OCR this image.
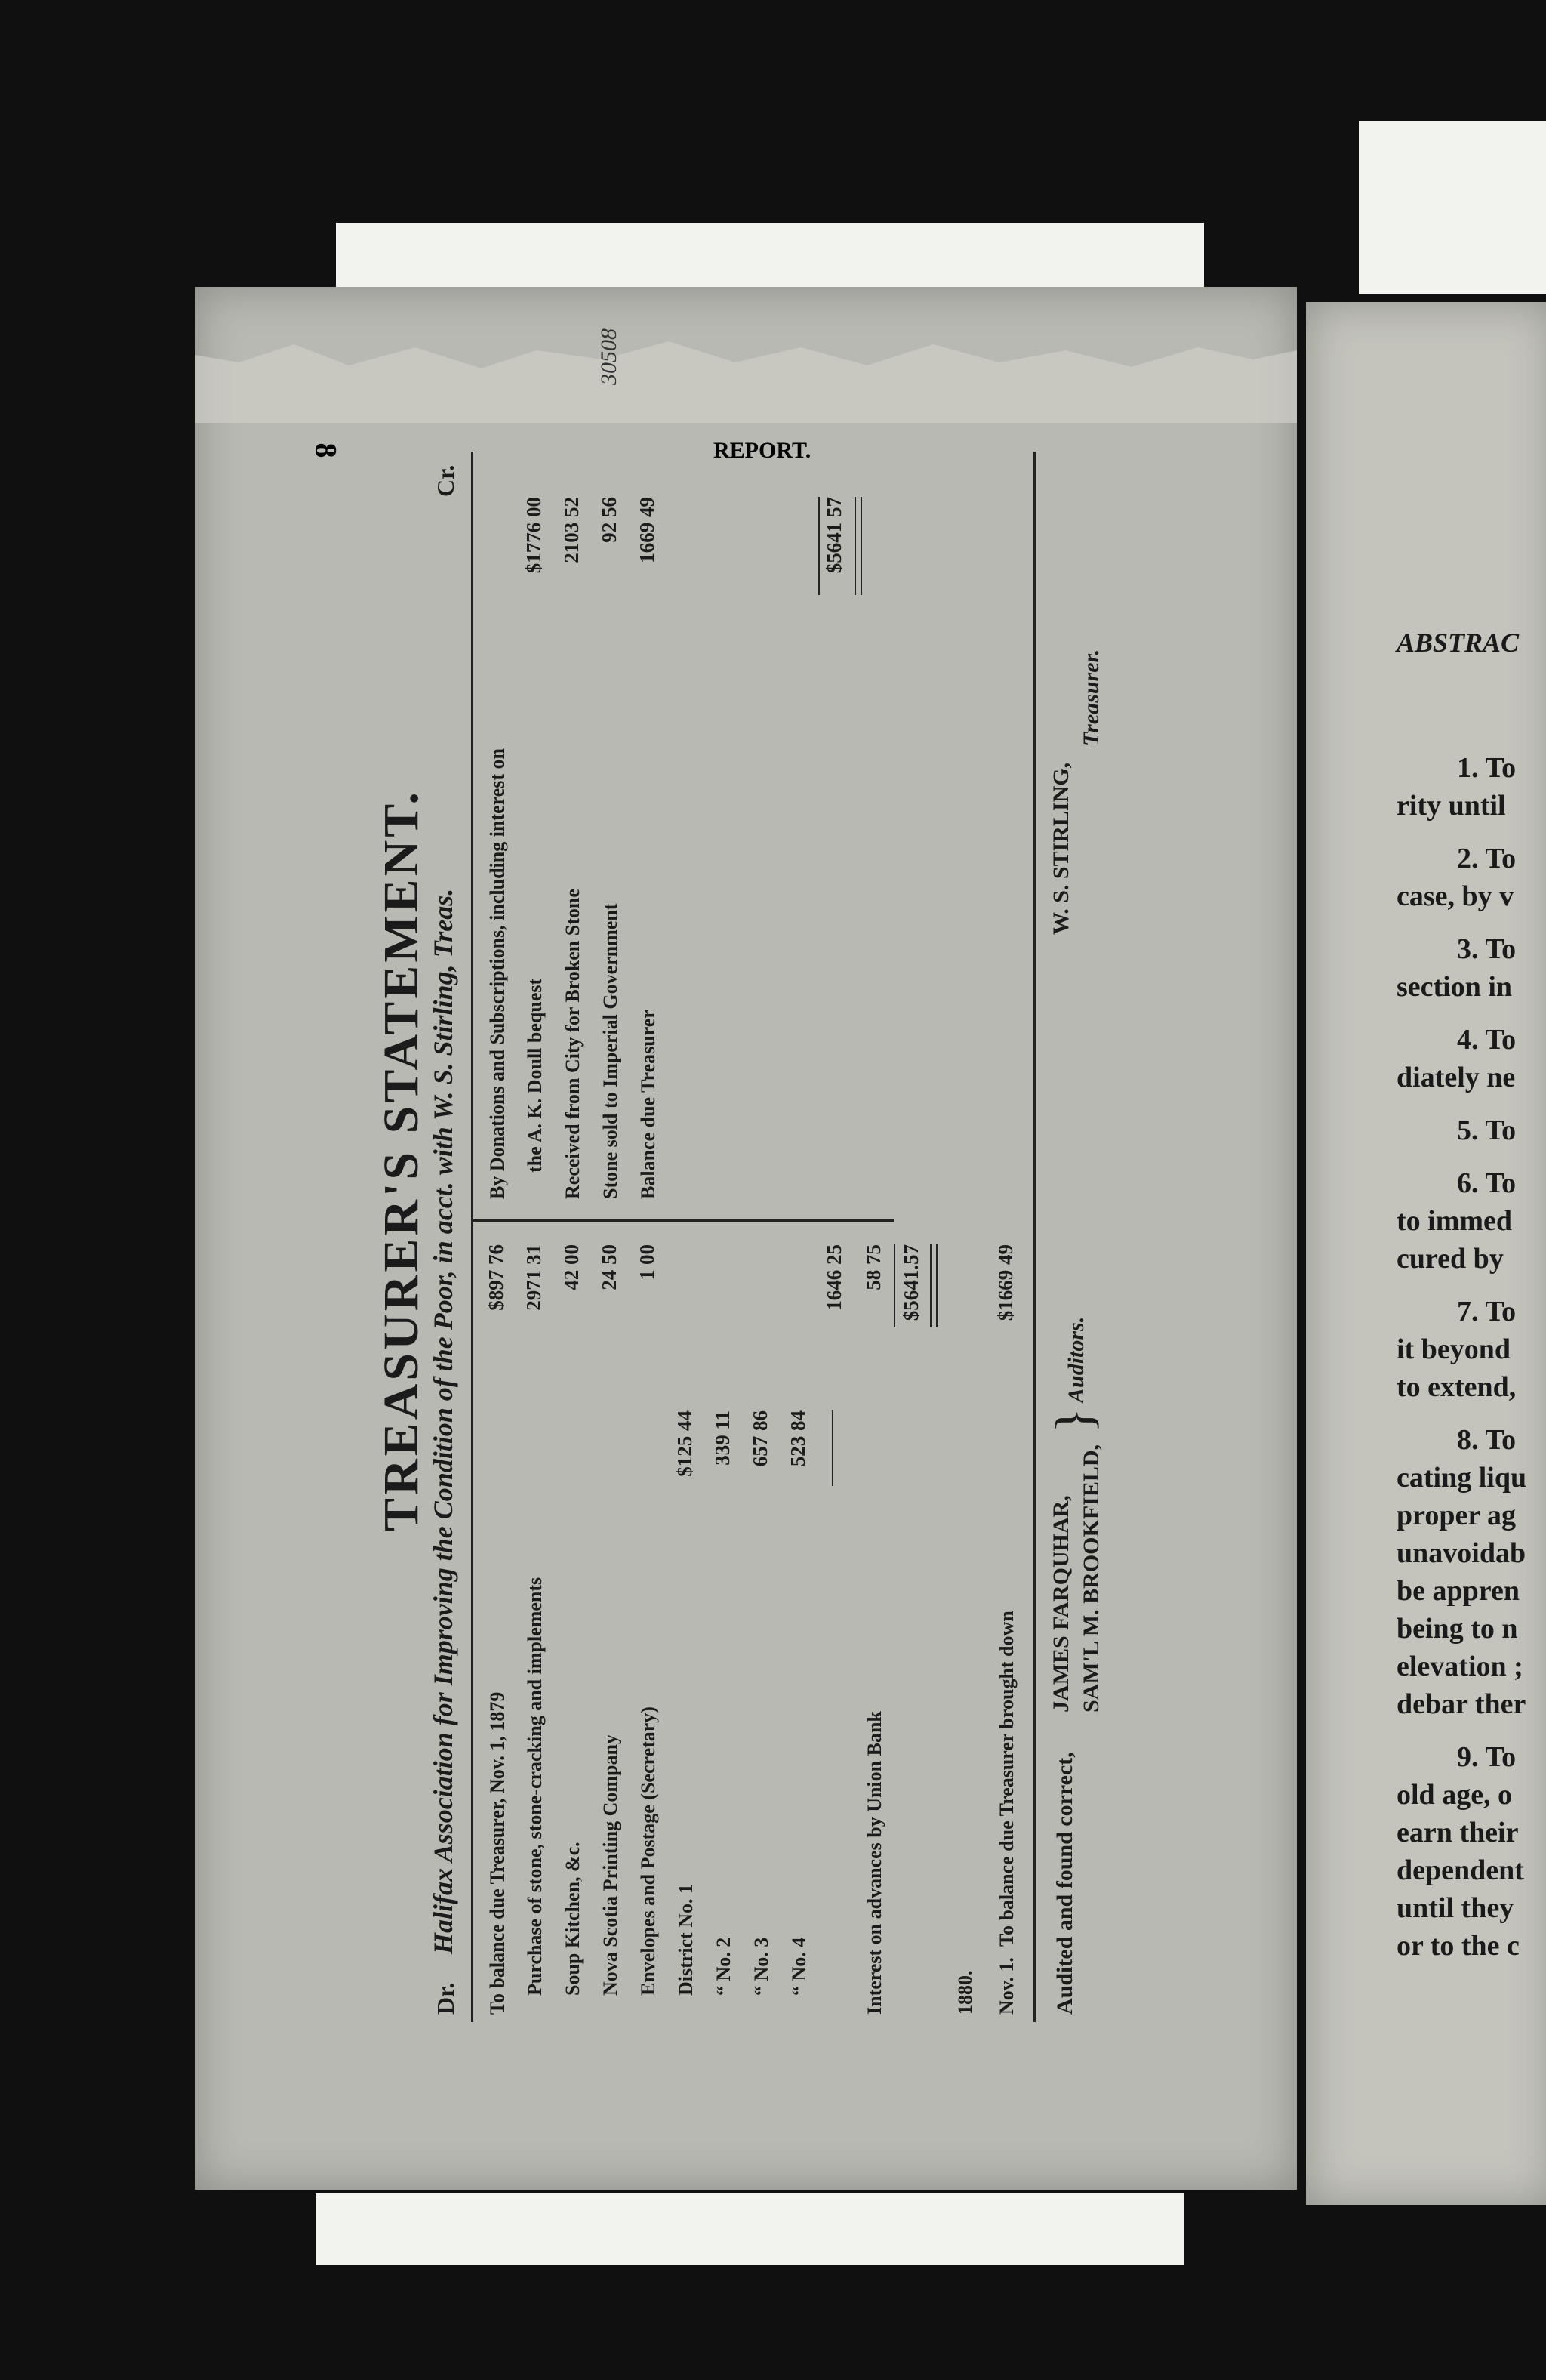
8	REPORT.
30508
TREASURER'S STATEMENT.
Dr.
Halifax Association for Improving the Condition of the Poor, in acct. with W. S. Stirling, Treas.
Cr.
To balance due Treasurer, Nov. 1, 1879
$897 76
Purchase of stone, stone-cracking and implements
2971 31
Soup Kitchen, &c.
42 00
Nova Scotia Printing Company
24 50
Envelopes and Postage (Secretary)
1 00
District No. 1
$125 44
“ No. 2
339 11
“ No. 3
657 86
“ No. 4
523 84
1646 25
Interest on advances by Union Bank
58 75 $5641.57
1880. Nov. 1.
To balance due Treasurer brought down
$1669 49
By Donations and Subscriptions, including interest on the A. K. Doull bequest
$1776 00
Received from City for Broken Stone
2103 52
Stone sold to Imperial Government
92 56
Balance due Treasurer
1669 49	$5641 57
Audited and found correct,
JAMES FARQUHAR, SAM'L M. BROOKFIELD,
}
Auditors.
W. S. STIRLING,
Treasurer.
ABSTRAC
1. To
rity until
2. To
case, by v
3. To
section in
4. To
diately ne
5. To
6. To
to immed
cured by
7. To
it beyond
to extend,
8. To
cating liqu
proper ag
unavoidab
be appren
being to n
elevation ;
debar ther
9. To
old age, o
earn their
dependent
until they
or to the c
